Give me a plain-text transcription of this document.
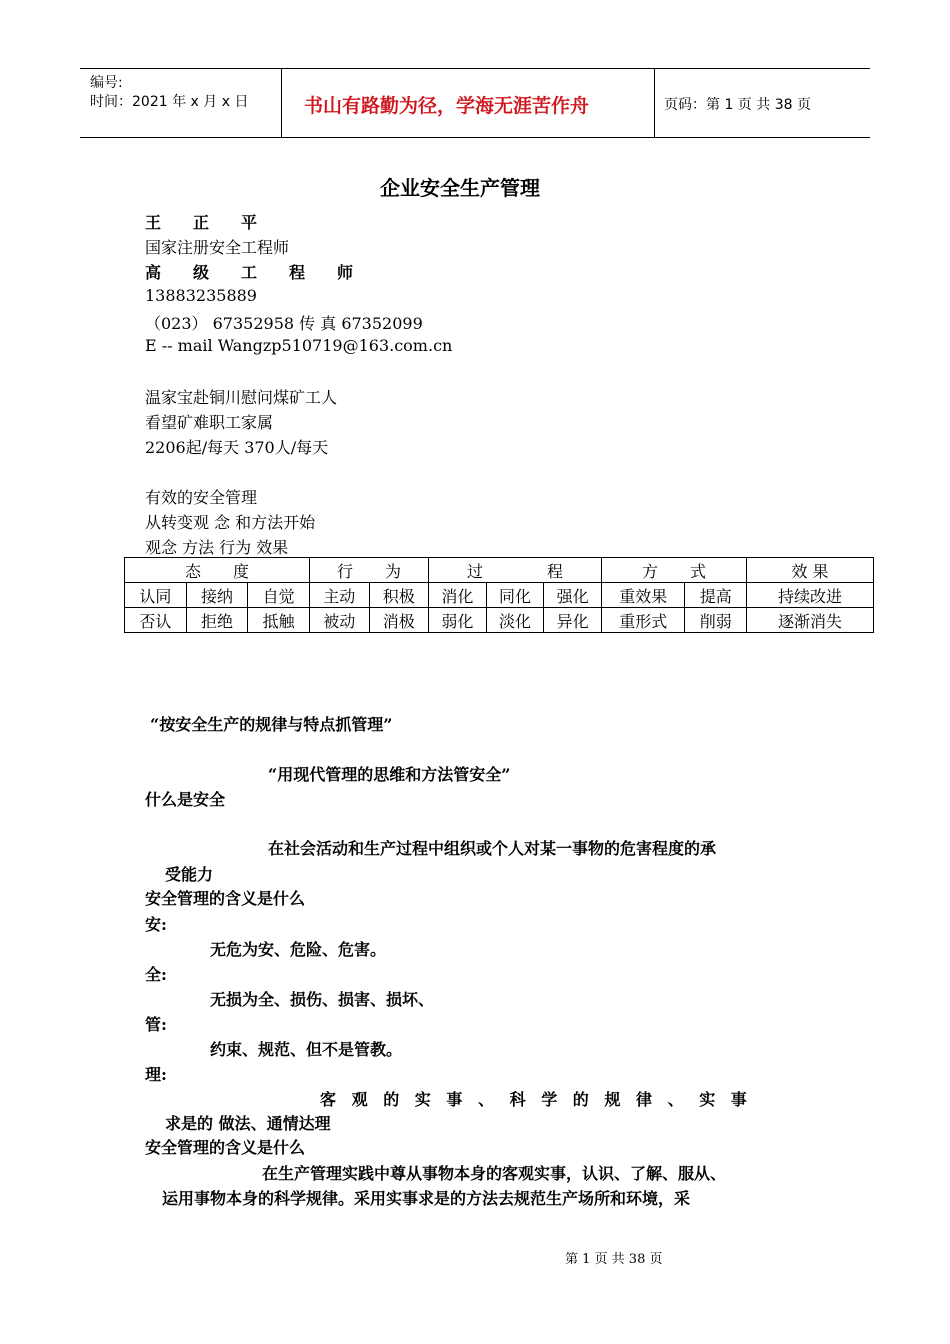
编号:
时间：2021 年 x 月 x 日	书山有路勤为径，学海无涯苦作舟	页码：第 1 页 共 38 页
企业安全生产管理
王　　正　　平
国家注册安全工程师
高　　级　　工　　程　　师
13883235889
（023） 67352958 传 真 67352099
E -- mail Wangzp510719@163.com.cn
温家宝赴铜川慰问煤矿工人
看望矿难职工家属
2206起/每天 370人/每天
有效的安全管理
从转变观 念 和方法开始
观念 方法 行为 效果
态　　度			行　　为		过　　　　程			方　　式		效 果
认同	接纳	自觉	主动	积极	消化	同化	强化	重效果	提高	持续改进
否认	拒绝	抵触	被动	消极	弱化	淡化	异化	重形式	削弱	逐渐消失
“按安全生产的规律与特点抓管理”
“用现代管理的思维和方法管安全”
什么是安全
在社会活动和生产过程中组织或个人对某一事物的危害程度的承
受能力
安全管理的含义是什么
安:
无危为安、危险、危害。
全:
无损为全、损伤、损害、损坏、
管:
约束、规范、但不是管教。
理:
客观的实事、科学的规律、实事
求是的 做法、通情达理
安全管理的含义是什么
在生产管理实践中尊从事物本身的客观实事，认识、了解、服从、
运用事物本身的科学规律。采用实事求是的方法去规范生产场所和环境，采
第 1 页 共 38 页
